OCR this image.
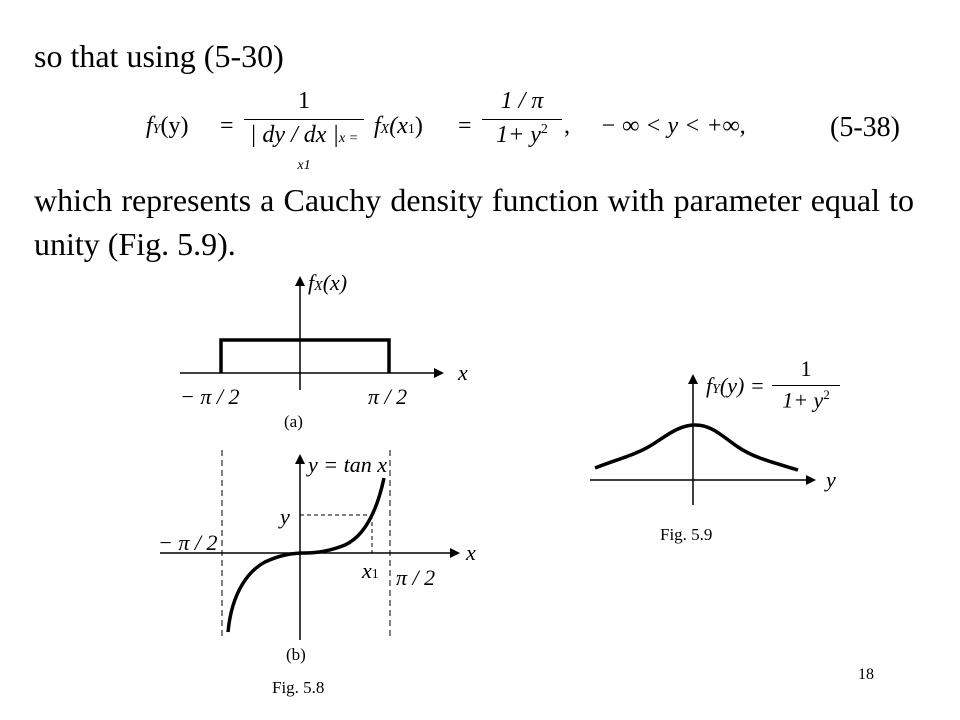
so that using (5-30)
$fY(y) = \frac{1}{| dy / dx |x = x1} fX(x1) = \frac{1 / \pi}{1+ y^2}$ , − ∞ < y < +∞,	(5-38)
which represents a Cauchy density function with parameter equal to unity (Fig. 5.9).
fX(x)
x
− π / 2	π / 2
(a)
y = tan x
y
x
− π / 2
π / 2
x1
(b)
Fig. 5.8
$fY(y) = \frac{1}{1+ y^2}$
y
Fig. 5.9
18
